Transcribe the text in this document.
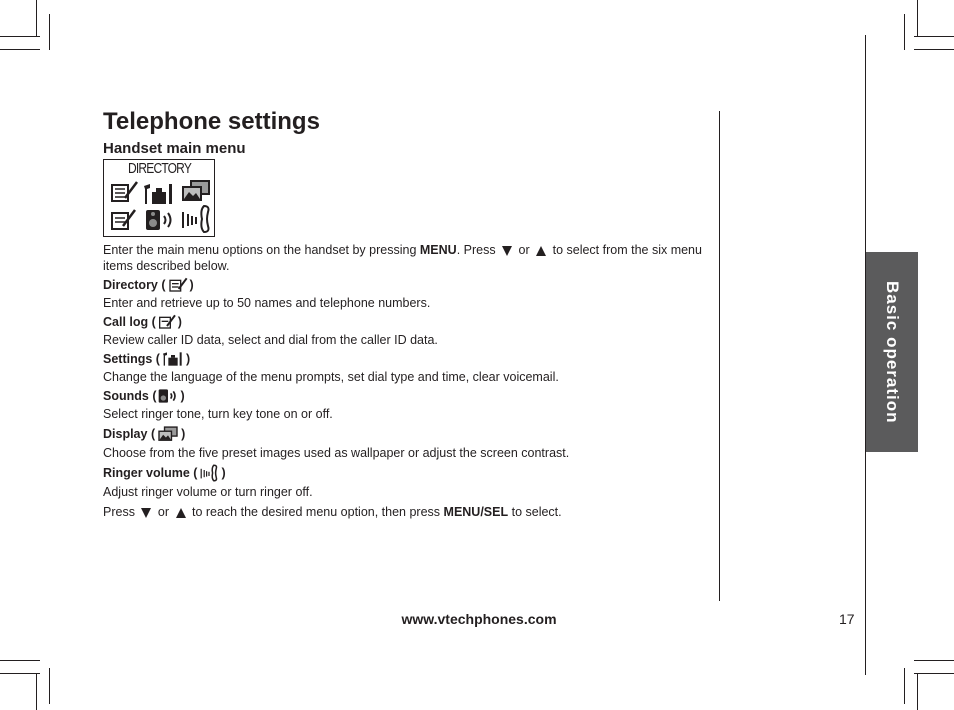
Basic operation
Telephone settings
Handset main menu
DIRECTORY

Enter the main menu options on the handset by pressing MENU. Press  or  to select from the six menu items described below.

Directory ( )

Enter and retrieve up to 50 names and telephone numbers.

Call log ( )

Review caller ID data, select and dial from the caller ID data.

Settings ( )

Change the language of the menu prompts, set dial type and time, clear voicemail.

Sounds ( )

Select ringer tone, turn key tone on or off.

Display ( )

Choose from the five preset images used as wallpaper or adjust the screen contrast.

Ringer volume ( )

Adjust ringer volume or turn ringer off.

Press  or  to reach the desired menu option, then press MENU/SEL to select.

www.vtechphones.com	17
